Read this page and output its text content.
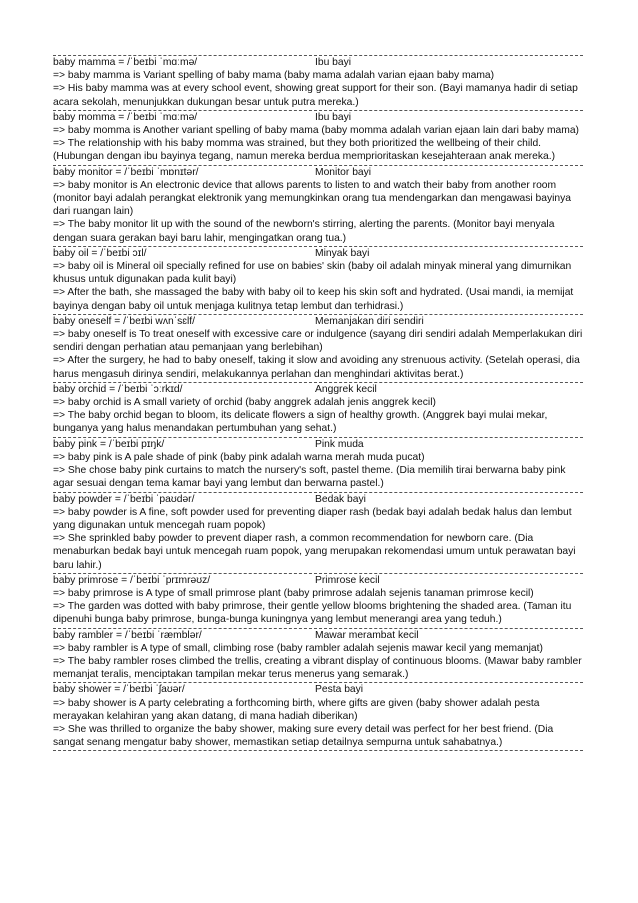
baby mamma = /ˈbeɪbi ˈmɑːmə/	Ibu bayi
=> baby mamma is Variant spelling of baby mama (baby mama adalah varian ejaan baby mama)
=> His baby mamma was at every school event, showing great support for their son. (Bayi mamanya hadir di setiap acara sekolah, menunjukkan dukungan besar untuk putra mereka.)
baby momma = /ˈbeɪbi ˈmɑːmə/	Ibu bayi
=> baby momma is Another variant spelling of baby mama (baby momma adalah varian ejaan lain dari baby mama)
=> The relationship with his baby momma was strained, but they both prioritized the wellbeing of their child. (Hubungan dengan ibu bayinya tegang, namun mereka berdua memprioritaskan kesejahteraan anak mereka.)
baby monitor = /ˈbeɪbi ˈmɒnɪtər/	Monitor bayi
=> baby monitor is An electronic device that allows parents to listen to and watch their baby from another room (monitor bayi adalah perangkat elektronik yang memungkinkan orang tua mendengarkan dan mengawasi bayinya dari ruangan lain)
=> The baby monitor lit up with the sound of the newborn's stirring, alerting the parents. (Monitor bayi menyala dengan suara gerakan bayi baru lahir, mengingatkan orang tua.)
baby oil = /ˈbeɪbi ɔɪl/	Minyak bayi
=> baby oil is Mineral oil specially refined for use on babies' skin (baby oil adalah minyak mineral yang dimurnikan khusus untuk digunakan pada kulit bayi)
=> After the bath, she massaged the baby with baby oil to keep his skin soft and hydrated. (Usai mandi, ia memijat bayinya dengan baby oil untuk menjaga kulitnya tetap lembut dan terhidrasi.)
baby oneself = /ˈbeɪbi wʌnˈsɛlf/	Memanjakan diri sendiri
=> baby oneself is To treat oneself with excessive care or indulgence (sayang diri sendiri adalah Memperlakukan diri sendiri dengan perhatian atau pemanjaan yang berlebihan)
=> After the surgery, he had to baby oneself, taking it slow and avoiding any strenuous activity. (Setelah operasi, dia harus mengasuh dirinya sendiri, melakukannya perlahan dan menghindari aktivitas berat.)
baby orchid = /ˈbeɪbi ˈɔːrkɪd/	Anggrek kecil
=> baby orchid is A small variety of orchid (baby anggrek adalah jenis anggrek kecil)
=> The baby orchid began to bloom, its delicate flowers a sign of healthy growth. (Anggrek bayi mulai mekar, bunganya yang halus menandakan pertumbuhan yang sehat.)
baby pink = /ˈbeɪbi pɪŋk/	Pink muda
=> baby pink is A pale shade of pink (baby pink adalah warna merah muda pucat)
=> She chose baby pink curtains to match the nursery's soft, pastel theme. (Dia memilih tirai berwarna baby pink agar sesuai dengan tema kamar bayi yang lembut dan berwarna pastel.)
baby powder = /ˈbeɪbi ˈpaʊdər/	Bedak bayi
=> baby powder is A fine, soft powder used for preventing diaper rash (bedak bayi adalah bedak halus dan lembut yang digunakan untuk mencegah ruam popok)
=> She sprinkled baby powder to prevent diaper rash, a common recommendation for newborn care. (Dia menaburkan bedak bayi untuk mencegah ruam popok, yang merupakan rekomendasi umum untuk perawatan bayi baru lahir.)
baby primrose = /ˈbeɪbi ˈprɪmrəʊz/	Primrose kecil
=> baby primrose is A type of small primrose plant (baby primrose adalah sejenis tanaman primrose kecil)
=> The garden was dotted with baby primrose, their gentle yellow blooms brightening the shaded area. (Taman itu dipenuhi bunga baby primrose, bunga-bunga kuningnya yang lembut menerangi area yang teduh.)
baby rambler = /ˈbeɪbi ˈræmblər/	Mawar merambat kecil
=> baby rambler is A type of small, climbing rose (baby rambler adalah sejenis mawar kecil yang memanjat)
=> The baby rambler roses climbed the trellis, creating a vibrant display of continuous blooms. (Mawar baby rambler memanjat teralis, menciptakan tampilan mekar terus menerus yang semarak.)
baby shower = /ˈbeɪbi ˈʃaʊər/	Pesta bayi
=> baby shower is A party celebrating a forthcoming birth, where gifts are given (baby shower adalah pesta merayakan kelahiran yang akan datang, di mana hadiah diberikan)
=> She was thrilled to organize the baby shower, making sure every detail was perfect for her best friend. (Dia sangat senang mengatur baby shower, memastikan setiap detailnya sempurna untuk sahabatnya.)
